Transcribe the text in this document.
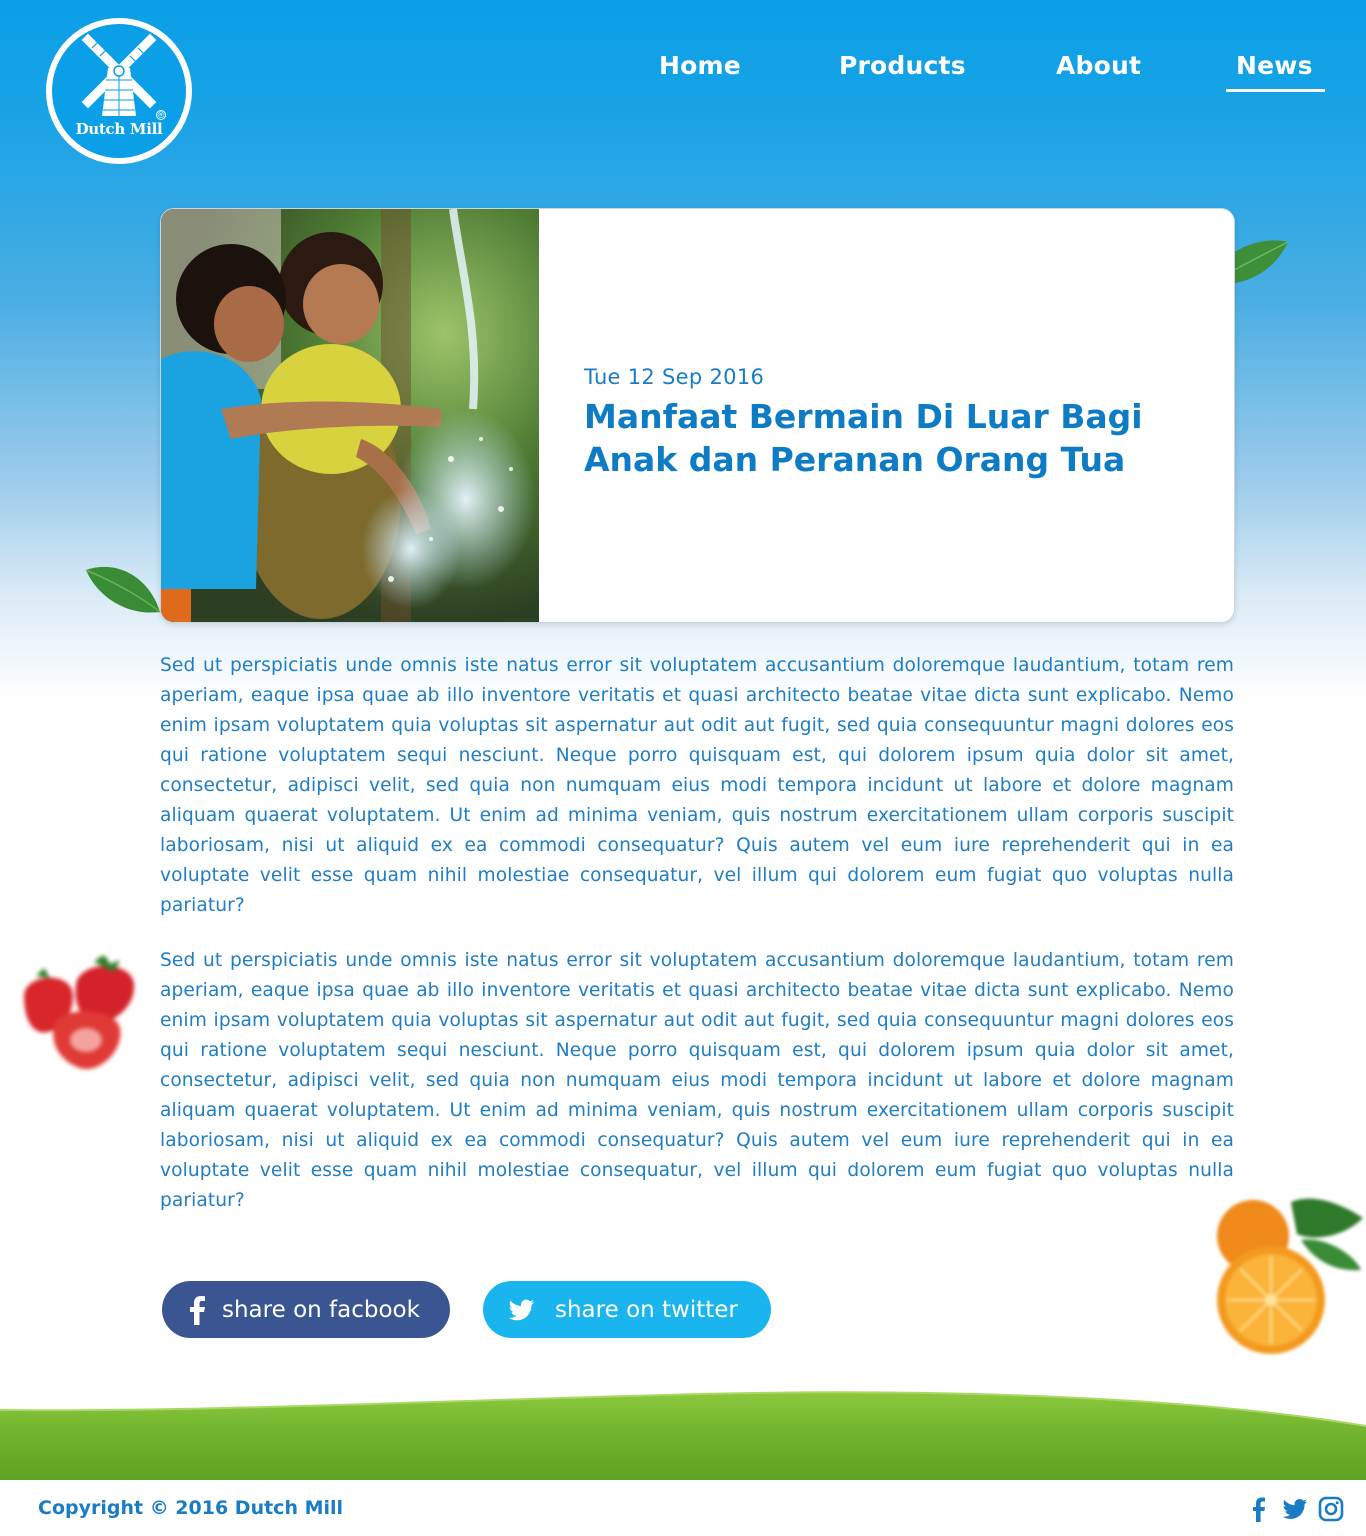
Dutch Mill
®
Home	Products	About	News
Tue 12 Sep 2016
Manfaat Bermain Di Luar Bagi Anak dan Peranan Orang Tua

Sed ut perspiciatis unde omnis iste natus error sit voluptatem accusantium doloremque laudantium, totam rem aperiam, eaque ipsa quae ab illo inventore veritatis et quasi architecto beatae vitae dicta sunt explicabo. Nemo enim ipsam voluptatem quia voluptas sit aspernatur aut odit aut fugit, sed quia consequuntur magni dolores eos qui ratione voluptatem sequi nesciunt. Neque porro quisquam est, qui dolorem ipsum quia dolor sit amet, consectetur, adipisci velit, sed quia non numquam eius modi tempora incidunt ut labore et dolore magnam aliquam quaerat voluptatem. Ut enim ad minima veniam, quis nostrum exercitationem ullam corporis suscipit laboriosam, nisi ut aliquid ex ea commodi consequatur? Quis autem vel eum iure reprehenderit qui in ea voluptate velit esse quam nihil molestiae consequatur, vel illum qui dolorem eum fugiat quo voluptas nulla pariatur?

Sed ut perspiciatis unde omnis iste natus error sit voluptatem accusantium doloremque laudantium, totam rem aperiam, eaque ipsa quae ab illo inventore veritatis et quasi architecto beatae vitae dicta sunt explicabo. Nemo enim ipsam voluptatem quia voluptas sit aspernatur aut odit aut fugit, sed quia consequuntur magni dolores eos qui ratione voluptatem sequi nesciunt. Neque porro quisquam est, qui dolorem ipsum quia dolor sit amet, consectetur, adipisci velit, sed quia non numquam eius modi tempora incidunt ut labore et dolore magnam aliquam quaerat voluptatem. Ut enim ad minima veniam, quis nostrum exercitationem ullam corporis suscipit laboriosam, nisi ut aliquid ex ea commodi consequatur? Quis autem vel eum iure reprehenderit qui in ea voluptate velit esse quam nihil molestiae consequatur, vel illum qui dolorem eum fugiat quo voluptas nulla pariatur?

share on facbook	share on twitter
Copyright © 2016 Dutch Mill
